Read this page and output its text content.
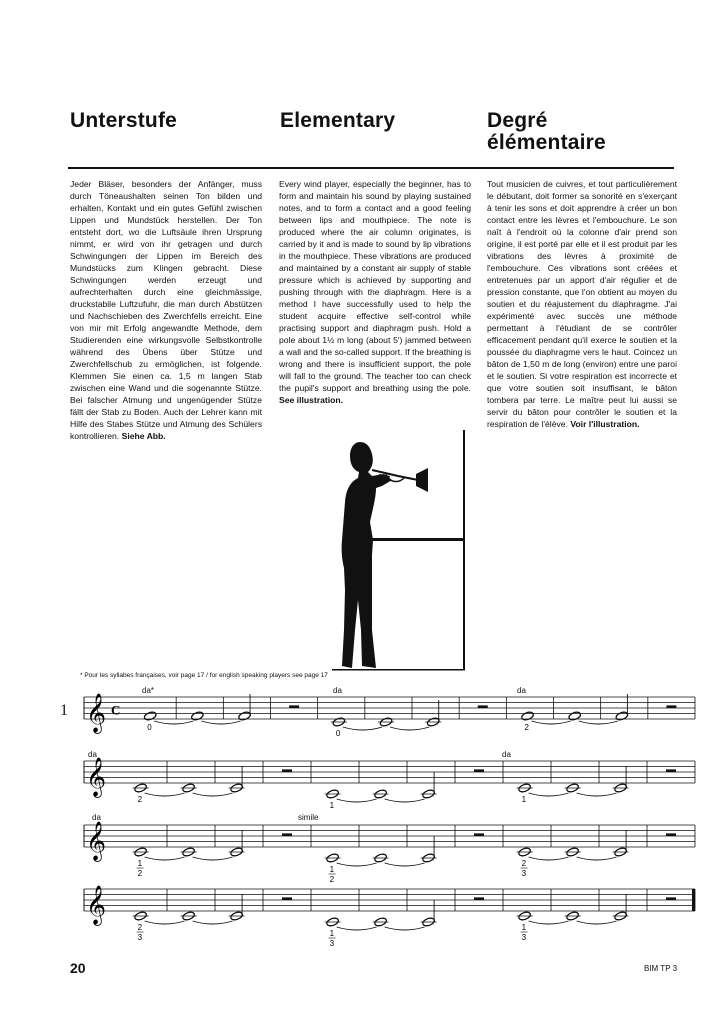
Unterstufe	Elementary	Degré
élémentaire
Jeder Bläser, besonders der Anfänger, muss durch Töneaushalten seinen Ton bilden und erhalten, Kontakt und ein gutes Gefühl zwischen Lippen und Mundstück herstellen. Der Ton entsteht dort, wo die Luftsäule ihren Ursprung nimmt, er wird von ihr getragen und durch Schwingungen der Lippen im Bereich des Mundstücks zum Klingen gebracht. Diese Schwingungen werden erzeugt und aufrechterhalten durch eine gleichmässige, druckstabile Luftzufuhr, die man durch Abstützen und Nachschieben des Zwerchfells erreicht. Eine von mir mit Erfolg angewandte Methode, dem Studierenden eine wirkungsvolle Selbstkontrolle während des Übens über Stütze und Zwerchfellschub zu ermöglichen, ist folgende. Klemmen Sie einen ca. 1,5 m langen Stab zwischen eine Wand und die sogenannte Stütze. Bei falscher Atmung und ungenügender Stütze fällt der Stab zu Boden. Auch der Lehrer kann mit Hilfe des Stabes Stütze und Atmung des Schülers kontrollieren. Siehe Abb.
Every wind player, especially the beginner, has to form and maintain his sound by playing sustained notes, and to form a contact and a good feeling between lips and mouthpiece. The note is produced where the air column originates, is carried by it and is made to sound by lip vibrations in the mouthpiece. These vibrations are produced and maintained by a constant air supply of stable pressure which is achieved by supporting and pushing through with the diaphragm. Here is a method I have successfully used to help the student acquire effective self-control while practising support and diaphragm push. Hold a pole about 1½ m long (about 5') jammed between a wall and the so-called support. If the breathing is wrong and there is insufficient support, the pole will fall to the ground. The teacher too can check the pupil's support and breathing using the pole. See illustration.
Tout musicien de cuivres, et tout particulièrement le débutant, doit former sa sonorité en s'exerçant à tenir les sons et doit apprendre à créer un bon contact entre les lèvres et l'embouchure. Le son naît à l'endroit où la colonne d'air prend son origine, il est porté par elle et il est produit par les vibrations des lèvres à proximité de l'embouchure. Ces vibrations sont créées et entretenues par un apport d'air régulier et de pression constante, que l'on obtient au moyen du soutien et du réajustement du diaphragme. J'ai expérimenté avec succès une méthode permettant à l'étudiant de se contrôler efficacement pendant qu'il exerce le soutien et la poussée du diaphragme vers le haut. Coincez un bâton de 1,50 m de long (environ) entre une paroi et le soutien. Si votre respiration est incorrecte et que votre soutien soit insuffisant, le bâton tombera par terre. Le maître peut lui aussi se servir du bâton pour contrôler le soutien et la respiration de l'élève. Voir l'illustration.
* Pour les syllabes françaises, voir page 17 / for english speaking players see page 17
1
da*	da	da
da	da
da	simile
𝄞 C
0
0
2
𝄞
2
1
1
𝄞
1
2	1
2
2
3
𝄞
2
3	1
3
1
3
20	BIM TP 3
